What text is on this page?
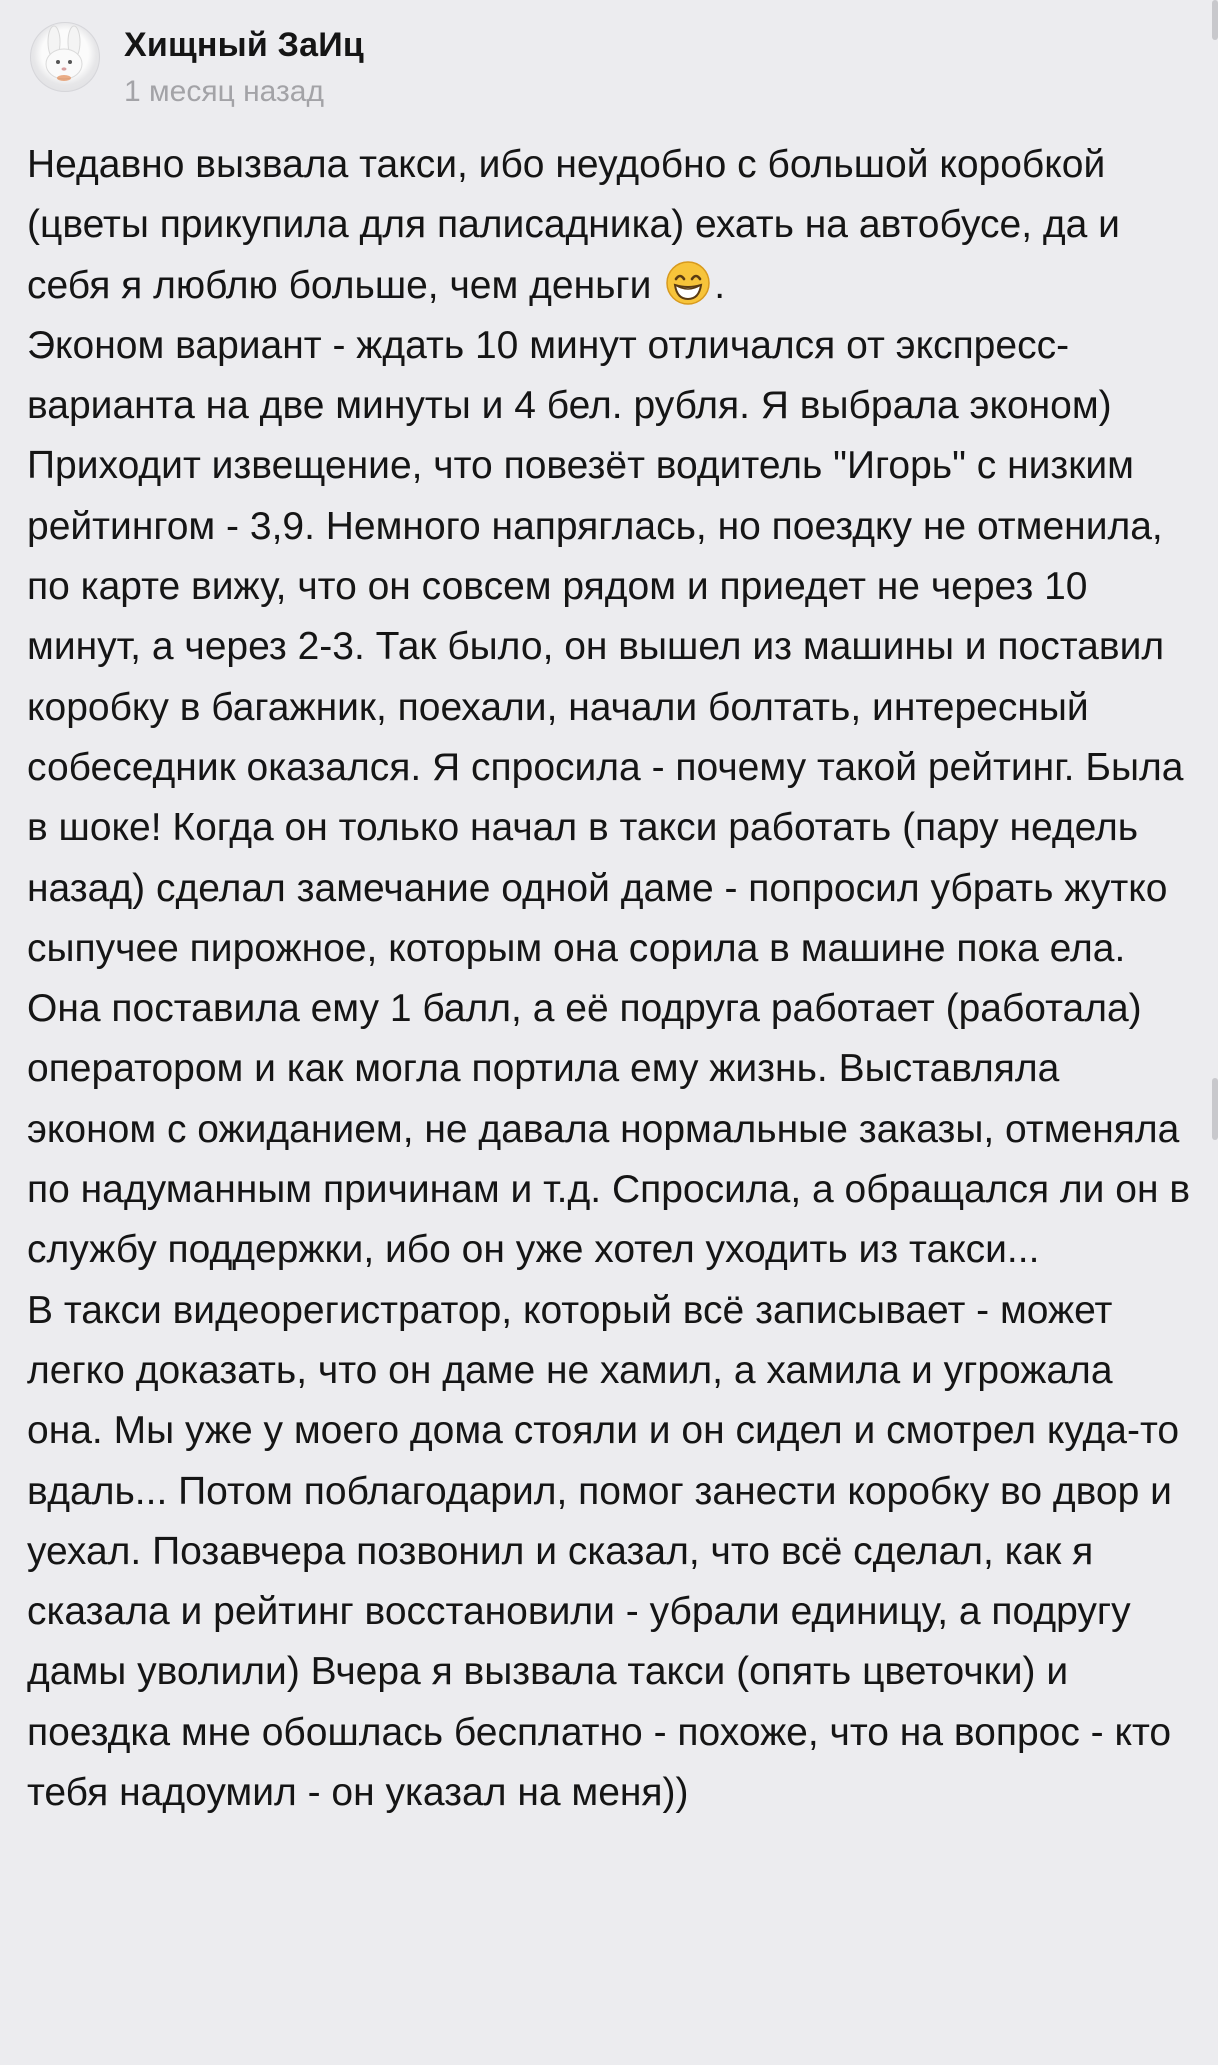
Хищный ЗаИц
1 месяц назад
Недавно вызвала такси, ибо неудобно с большой коробкой (цветы прикупила для палисадника) ехать на автобусе, да и себя я люблю больше, чем деньги .
Эконом вариант - ждать 10 минут отличался от экспресс-варианта на две минуты и 4 бел. рубля. Я выбрала эконом) Приходит извещение, что повезёт водитель "Игорь" с низким рейтингом - 3,9. Немного напряглась, но поездку не отменила, по карте вижу, что он совсем рядом и приедет не через 10 минут, а через 2-3. Так было, он вышел из машины и поставил коробку в багажник, поехали, начали болтать, интересный собеседник оказался. Я спросила - почему такой рейтинг. Была в шоке! Когда он только начал в такси работать (пару недель назад) сделал замечание одной даме - попросил убрать жутко сыпучее пирожное, которым она сорила в машине пока ела. Она поставила ему 1 балл, а её подруга работает (работала) оператором и как могла портила ему жизнь. Выставляла эконом с ожиданием, не давала нормальные заказы, отменяла по надуманным причинам и т.д. Спросила, а обращался ли он в службу поддержки, ибо он уже хотел уходить из такси...
В такси видеорегистратор, который всё записывает - может легко доказать, что он даме не хамил, а хамила и угрожала она. Мы уже у моего дома стояли и он сидел и смотрел куда-то вдаль... Потом поблагодарил, помог занести коробку во двор и уехал. Позавчера позвонил и сказал, что всё сделал, как я сказала и рейтинг восстановили - убрали единицу, а подругу дамы уволили) Вчера я вызвала такси (опять цветочки) и поездка мне обошлась бесплатно - похоже, что на вопрос - кто тебя надоумил - он указал на меня))
